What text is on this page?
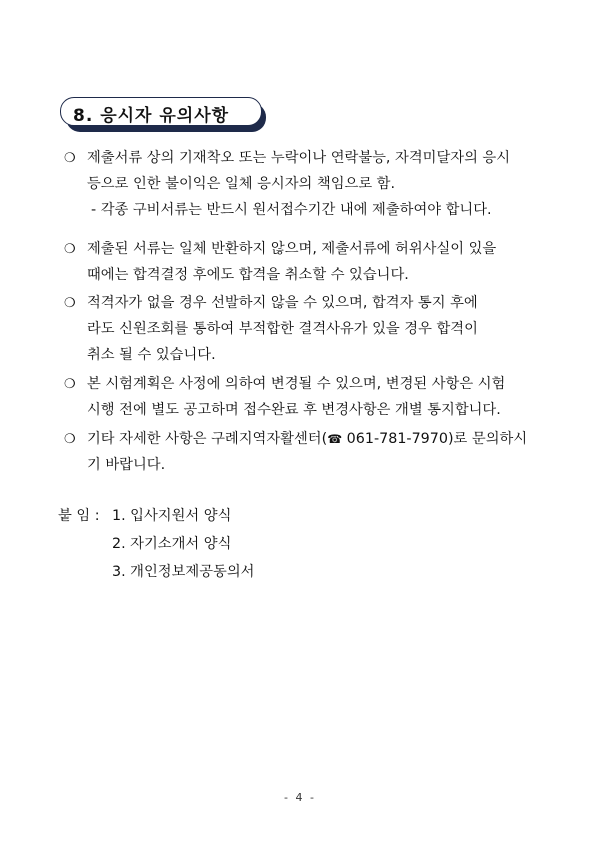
8. 응시자 유의사항
❍ 제출서류 상의 기재착오 또는 누락이나 연락불능, 자격미달자의 응시
등으로 인한 불이익은 일체 응시자의 책임으로 함.
- 각종 구비서류는 반드시 원서접수기간 내에 제출하여야 합니다.
❍ 제출된 서류는 일체 반환하지 않으며, 제출서류에 허위사실이 있을
때에는 합격결정 후에도 합격을 취소할 수 있습니다.
❍ 적격자가 없을 경우 선발하지 않을 수 있으며, 합격자 통지 후에
라도 신원조회를 통하여 부적합한 결격사유가 있을 경우 합격이
취소 될 수 있습니다.
❍ 본 시험계획은 사정에 의하여 변경될 수 있으며, 변경된 사항은 시험
시행 전에 별도 공고하며 접수완료 후 변경사항은 개별 통지합니다.
❍ 기타 자세한 사항은 구례지역자활센터(☎ 061-781-7970)로 문의하시
기 바랍니다.
붙 임 : 1. 입사지원서 양식
2. 자기소개서 양식
3. 개인정보제공동의서
- 4 -
